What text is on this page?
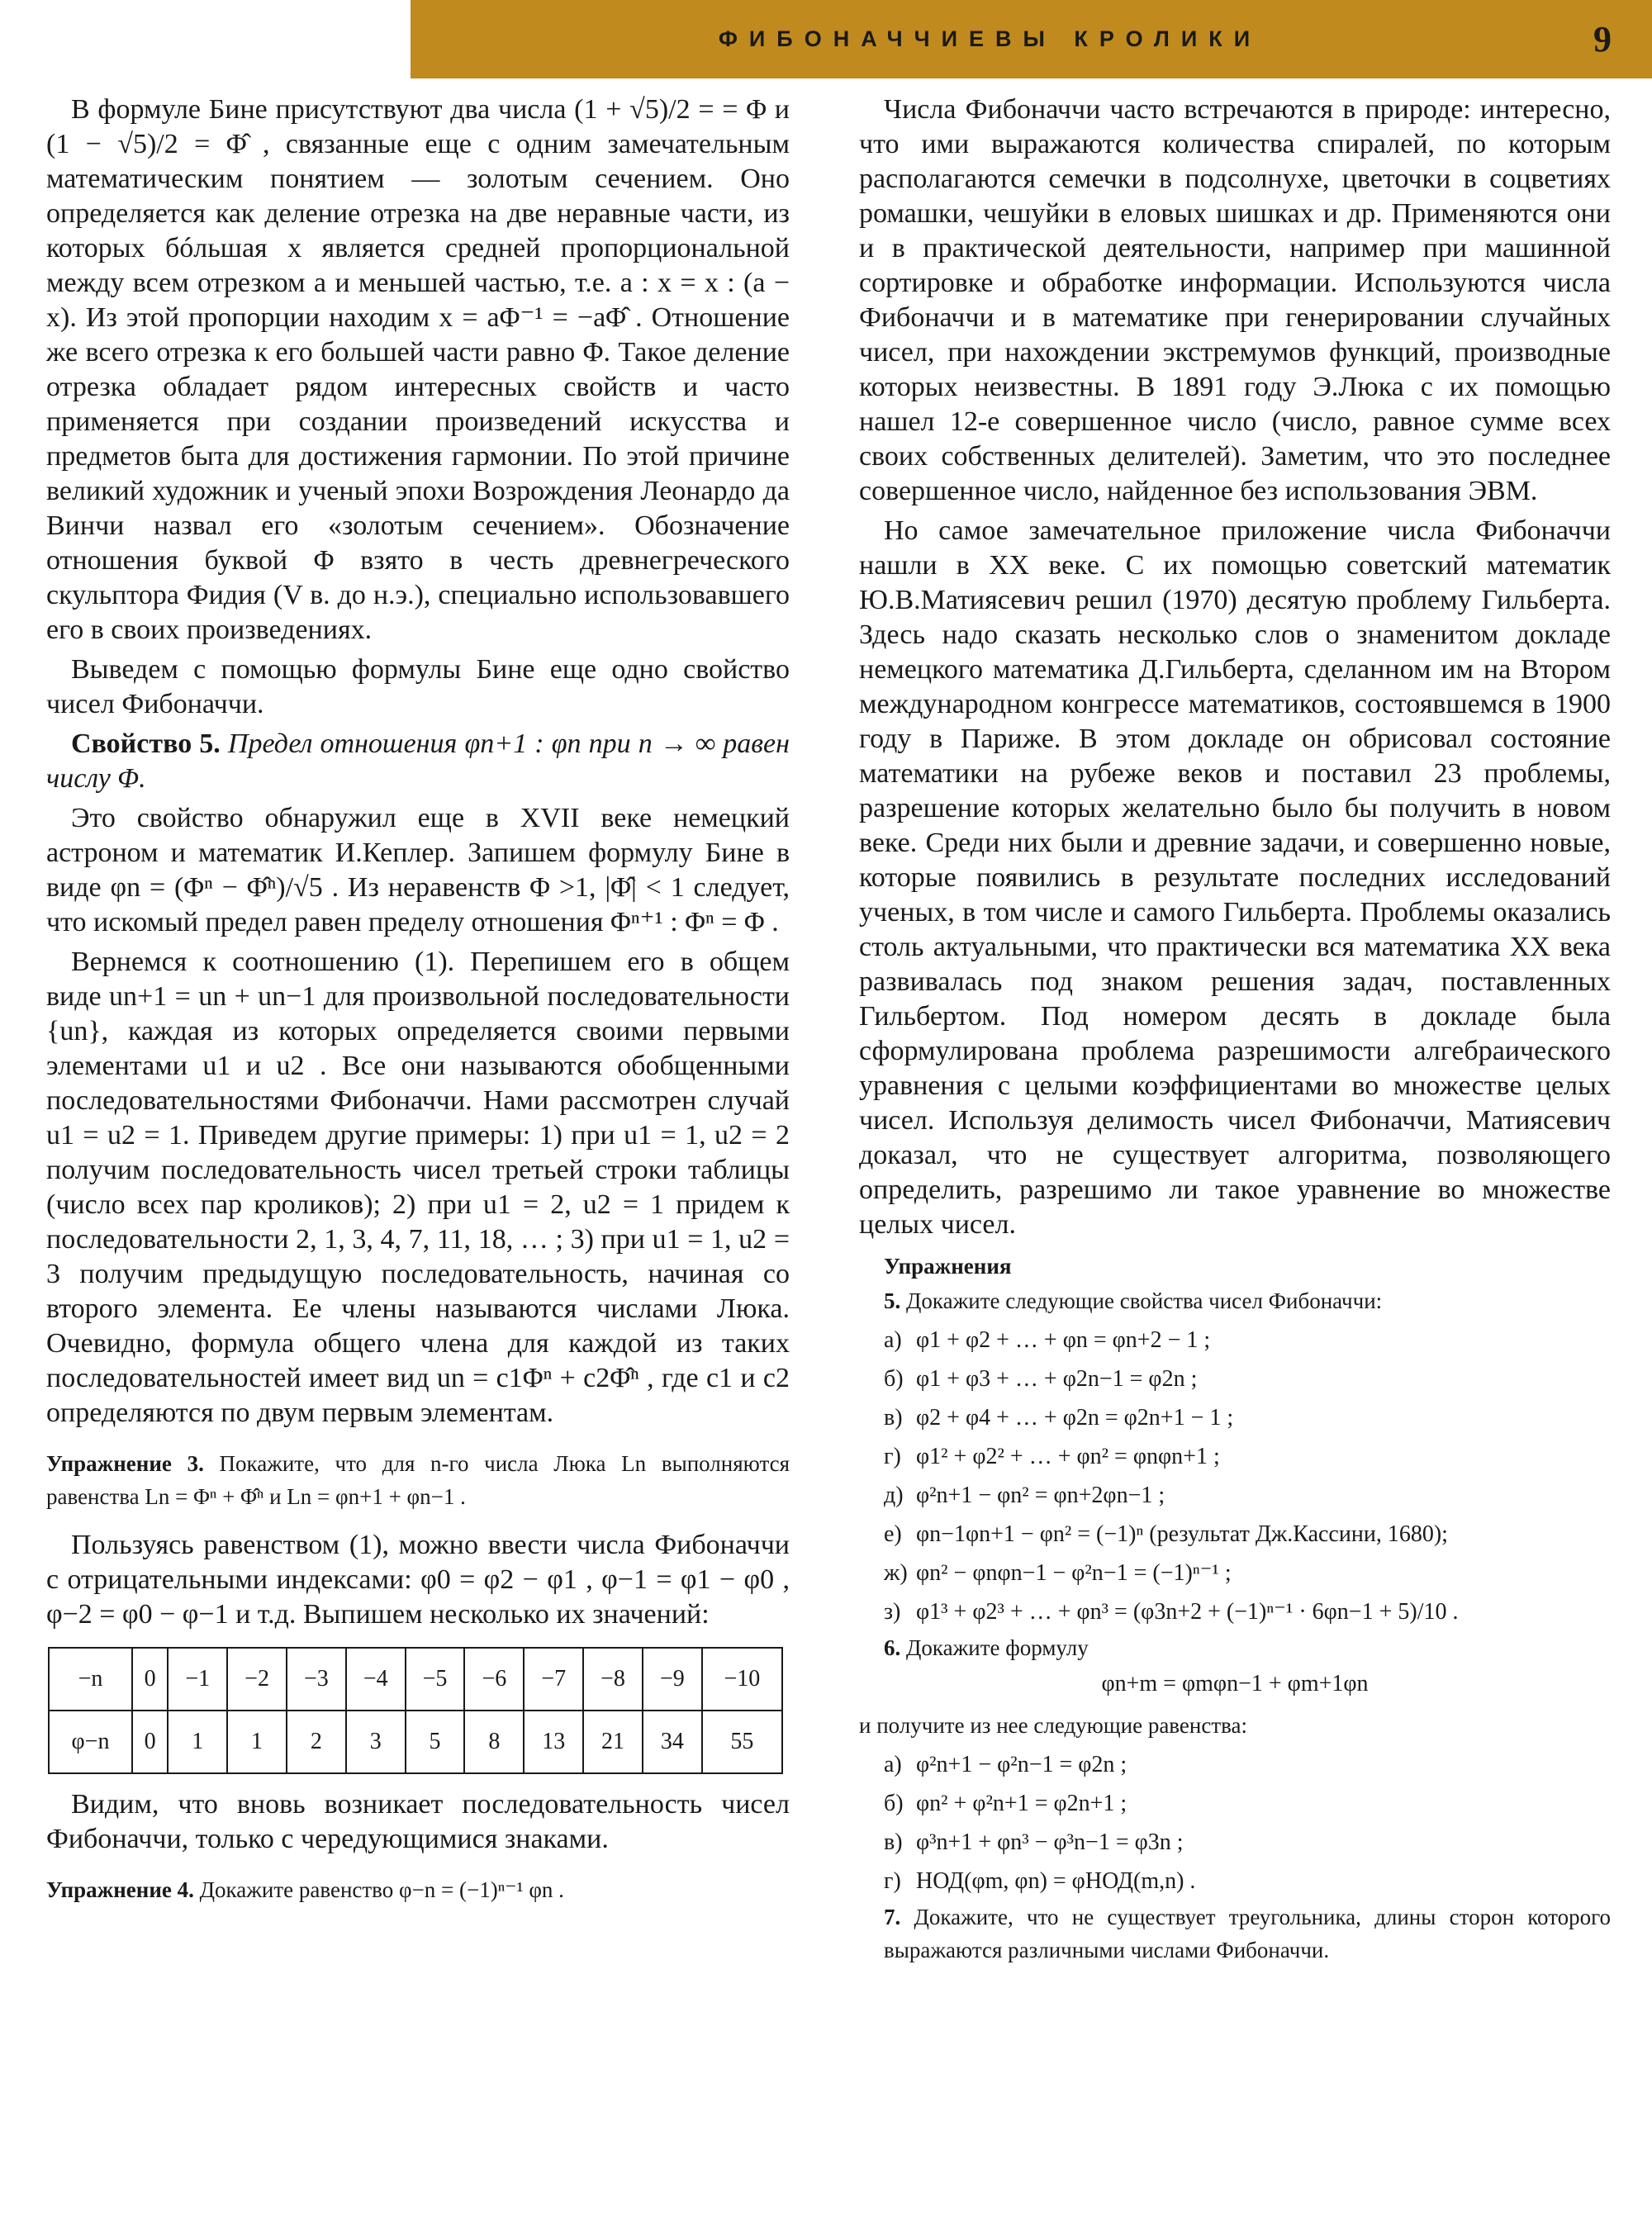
ФИБОНАЧЧИЕВЫ КРОЛИКИ	9

В формуле Бине присутствуют два числа (1 + √5)/2 = = Φ и (1 − √5)/2 = Φ̂ , связанные еще с одним замечательным математическим понятием — золотым сечением. Оно определяется как деление отрезка на две неравные части, из которых бóльшая x является средней пропорциональной между всем отрезком a и меньшей частью, т.е. a : x = x : (a − x). Из этой пропорции находим x = aΦ⁻¹ = −aΦ̂ . Отношение же всего отрезка к его большей части равно Φ. Такое деление отрезка обладает рядом интересных свойств и часто применяется при создании произведений искусства и предметов быта для достижения гармонии. По этой причине великий художник и ученый эпохи Возрождения Леонардо да Винчи назвал его «золотым сечением». Обозначение отношения буквой Φ взято в честь древнегреческого скульптора Фидия (V в. до н.э.), специально использовавшего его в своих произведениях.

Выведем с помощью формулы Бине еще одно свойство чисел Фибоначчи.

Свойство 5. Предел отношения φn+1 : φn при n → ∞ равен числу Φ.

Это свойство обнаружил еще в XVII веке немецкий астроном и математик И.Кеплер. Запишем формулу Бине в виде φn = (Φⁿ − Φ̂ⁿ)/√5 . Из неравенств Φ >1, |Φ̂| < 1 следует, что искомый предел равен пределу отношения Φⁿ⁺¹ : Φⁿ = Φ .

Вернемся к соотношению (1). Перепишем его в общем виде un+1 = un + un−1 для произвольной последовательности {un}, каждая из которых определяется своими первыми элементами u1 и u2 . Все они называются обобщенными последовательностями Фибоначчи. Нами рассмотрен случай u1 = u2 = 1. Приведем другие примеры: 1) при u1 = 1, u2 = 2 получим последовательность чисел третьей строки таблицы (число всех пар кроликов); 2) при u1 = 2, u2 = 1 придем к последовательности 2, 1, 3, 4, 7, 11, 18, … ; 3) при u1 = 1, u2 = 3 получим предыдущую последовательность, начиная со второго элемента. Ее члены называются числами Люка. Очевидно, формула общего члена для каждой из таких последовательностей имеет вид un = c1Φⁿ + c2Φ̂ⁿ , где c1 и c2 определяются по двум первым элементам.

Упражнение 3. Покажите, что для n-го числа Люка Ln выполняются равенства Ln = Φⁿ + Φ̂ⁿ и Ln = φn+1 + φn−1 .

Пользуясь равенством (1), можно ввести числа Фибоначчи с отрицательными индексами: φ0 = φ2 − φ1 , φ−1 = φ1 − φ0 , φ−2 = φ0 − φ−1 и т.д. Выпишем несколько их значений:

−n	0	−1	−2	−3	−4	−5	−6	−7	−8	−9	−10
φ−n	0	1	1	2	3	5	8	13	21	34	55

Видим, что вновь возникает последовательность чисел Фибоначчи, только с чередующимися знаками.

Упражнение 4. Докажите равенство φ−n = (−1)ⁿ⁻¹ φn .

Числа Фибоначчи часто встречаются в природе: интересно, что ими выражаются количества спиралей, по которым располагаются семечки в подсолнухе, цветочки в соцветиях ромашки, чешуйки в еловых шишках и др. Применяются они и в практической деятельности, например при машинной сортировке и обработке информации. Используются числа Фибоначчи и в математике при генерировании случайных чисел, при нахождении экстремумов функций, производные которых неизвестны. В 1891 году Э.Люка с их помощью нашел 12-е совершенное число (число, равное сумме всех своих собственных делителей). Заметим, что это последнее совершенное число, найденное без использования ЭВМ.

Но самое замечательное приложение числа Фибоначчи нашли в XX веке. С их помощью советский математик Ю.В.Матиясевич решил (1970) десятую проблему Гильберта. Здесь надо сказать несколько слов о знаменитом докладе немецкого математика Д.Гильберта, сделанном им на Втором международном конгрессе математиков, состоявшемся в 1900 году в Париже. В этом докладе он обрисовал состояние математики на рубеже веков и поставил 23 проблемы, разрешение которых желательно было бы получить в новом веке. Среди них были и древние задачи, и совершенно новые, которые появились в результате последних исследований ученых, в том числе и самого Гильберта. Проблемы оказались столь актуальными, что практически вся математика XX века развивалась под знаком решения задач, поставленных Гильбертом. Под номером десять в докладе была сформулирована проблема разрешимости алгебраического уравнения с целыми коэффициентами во множестве целых чисел. Используя делимость чисел Фибоначчи, Матиясевич доказал, что не существует алгоритма, позволяющего определить, разрешимо ли такое уравнение во множестве целых чисел.

Упражнения

5. Докажите следующие свойства чисел Фибоначчи:

а) φ1 + φ2 + … + φn = φn+2 − 1 ;
б) φ1 + φ3 + … + φ2n−1 = φ2n ;
в) φ2 + φ4 + … + φ2n = φ2n+1 − 1 ;
г) φ1² + φ2² + … + φn² = φnφn+1 ;
д) φ²n+1 − φn² = φn+2φn−1 ;
е) φn−1φn+1 − φn² = (−1)ⁿ (результат Дж.Кассини, 1680);
ж) φn² − φnφn−1 − φ²n−1 = (−1)ⁿ⁻¹ ;
з) φ1³ + φ2³ + … + φn³ = (φ3n+2 + (−1)ⁿ⁻¹ · 6φn−1 + 5)/10 .

6. Докажите формулу

φn+m = φmφn−1 + φm+1φn

и получите из нее следующие равенства:

а) φ²n+1 − φ²n−1 = φ2n ;
б) φn² + φ²n+1 = φ2n+1 ;
в) φ³n+1 + φn³ − φ³n−1 = φ3n ;
г) НОД(φm, φn) = φНОД(m,n) .

7. Докажите, что не существует треугольника, длины сторон которого выражаются различными числами Фибоначчи.
